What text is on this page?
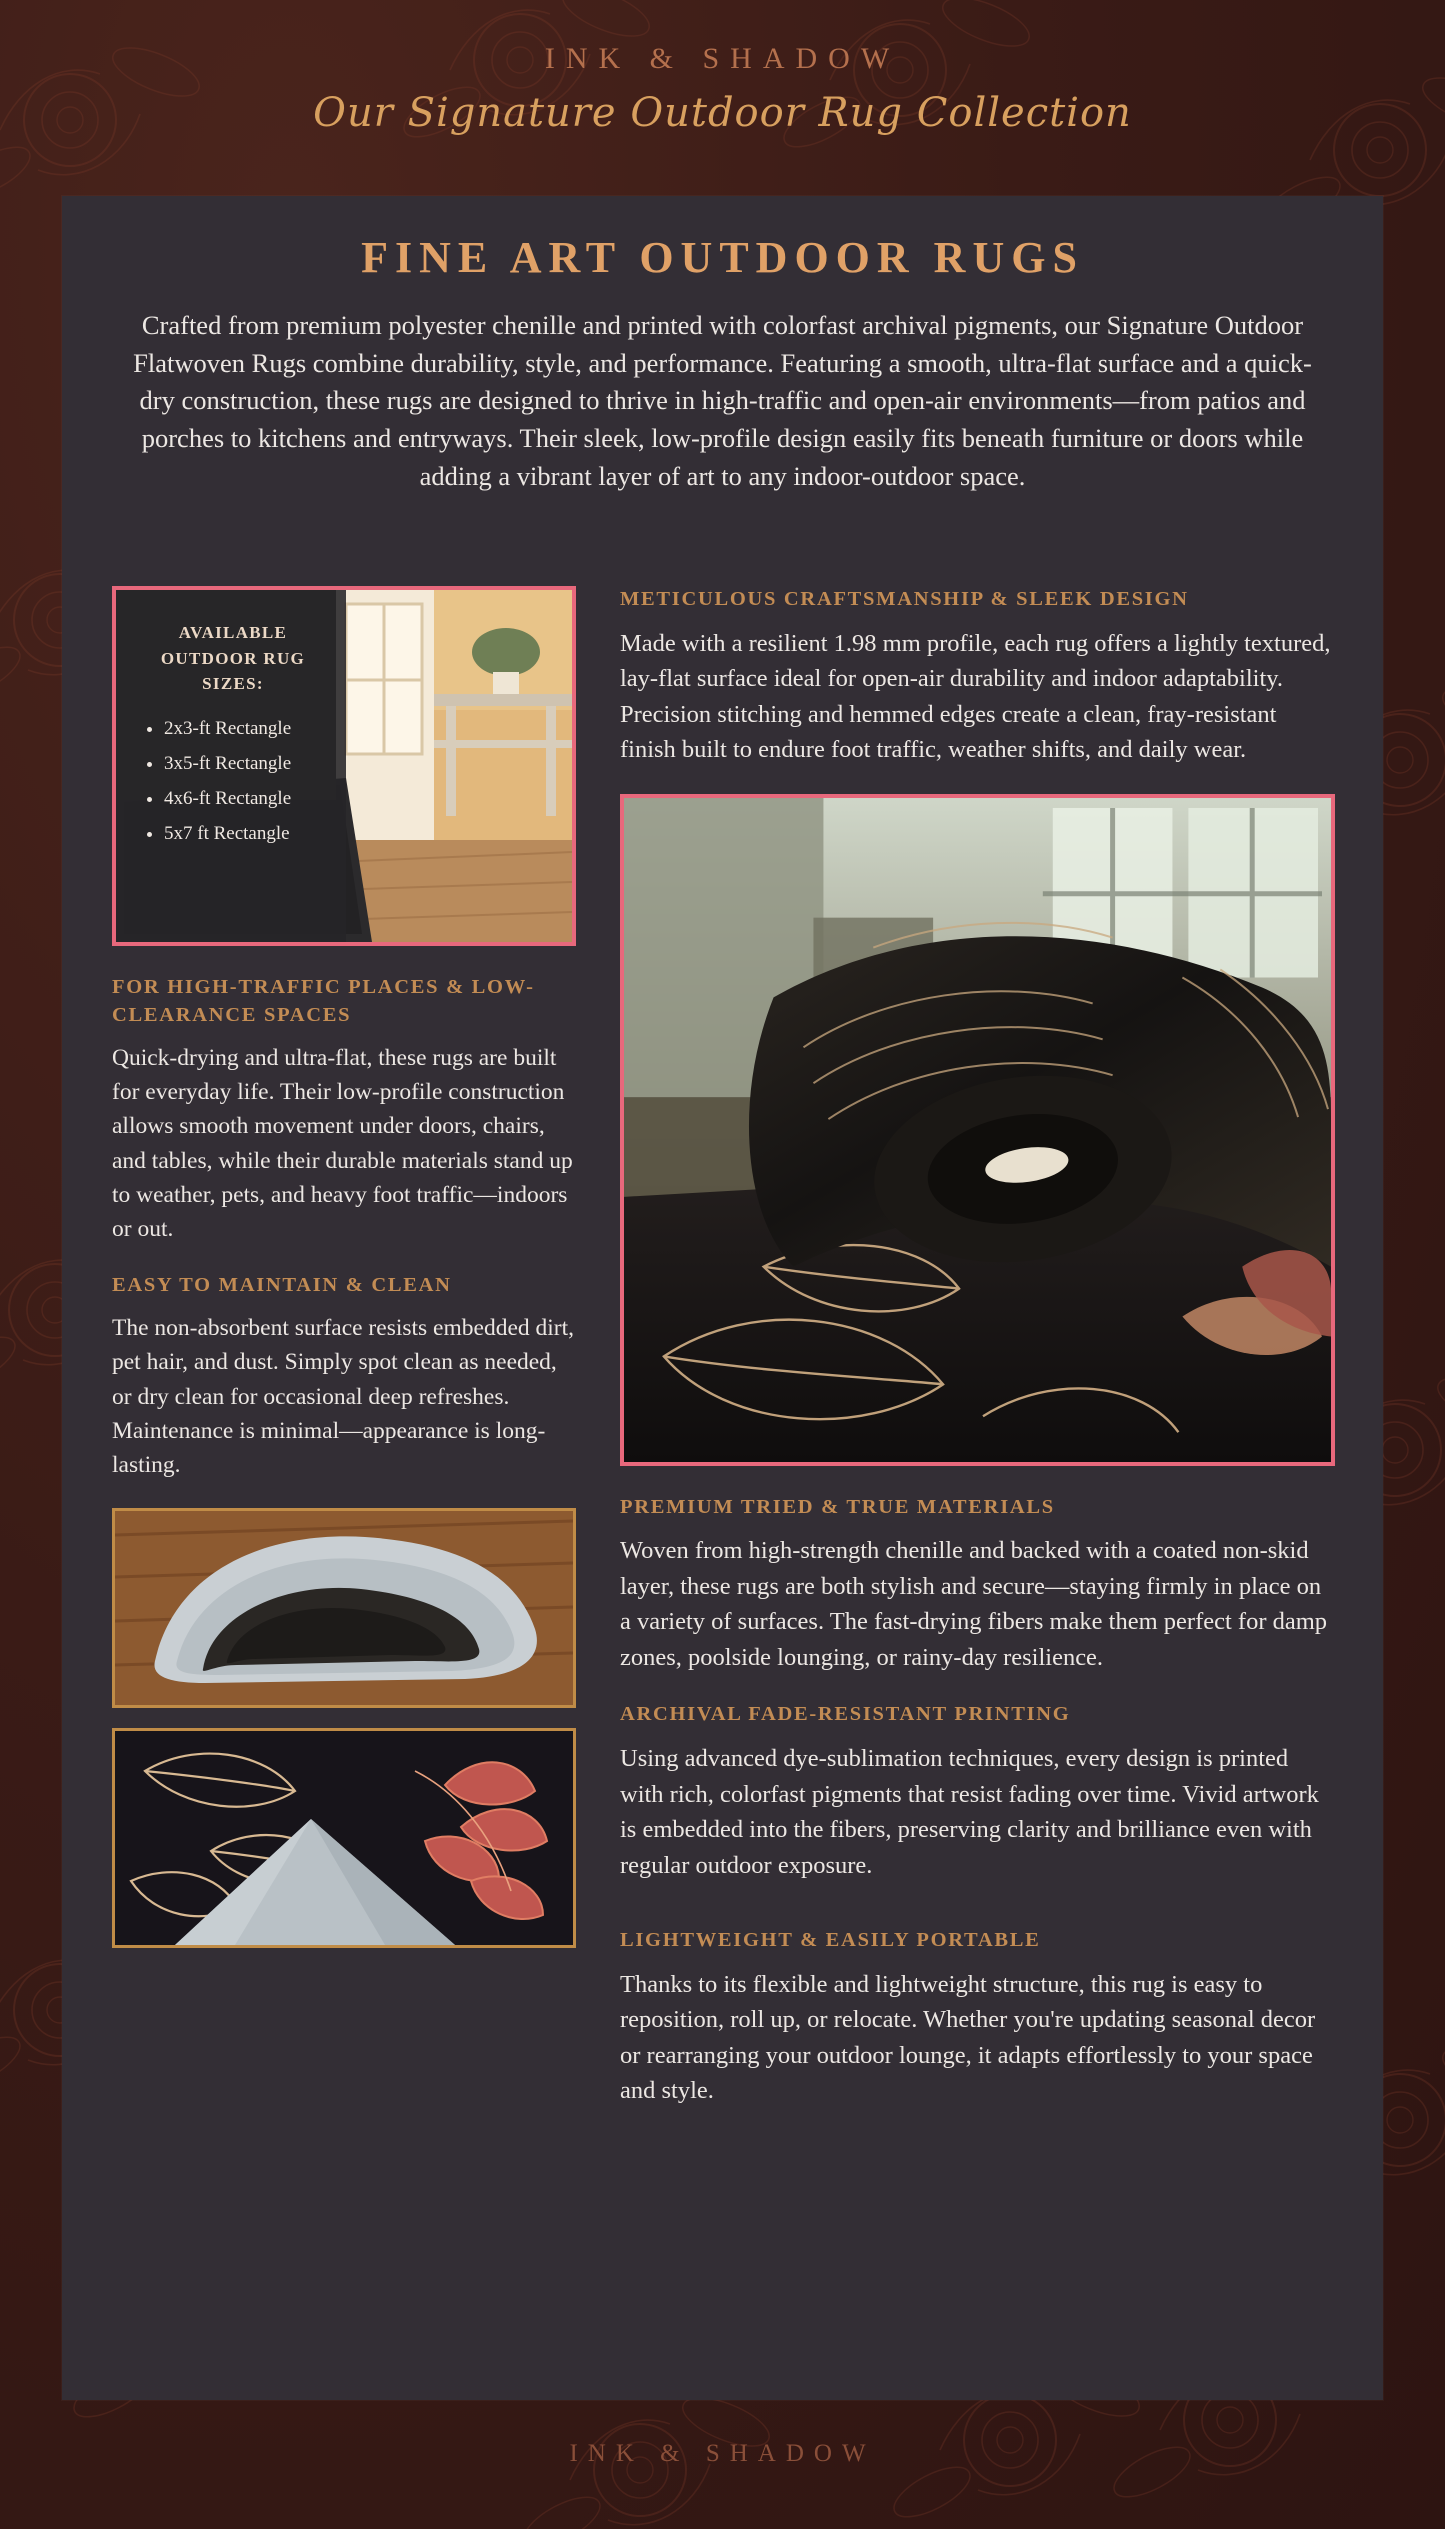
INK & SHADOW
Our Signature Outdoor Rug Collection
FINE ART OUTDOOR RUGS

Crafted from premium polyester chenille and printed with colorfast archival pigments, our Signature Outdoor Flatwoven Rugs combine durability, style, and performance. Featuring a smooth, ultra-flat surface and a quick-dry construction, these rugs are designed to thrive in high-traffic and open-air environments—from patios and porches to kitchens and entryways. Their sleek, low-profile design easily fits beneath furniture or doors while adding a vibrant layer of art to any indoor-outdoor space.

AVAILABLE OUTDOOR RUG SIZES:
• 2x3-ft Rectangle
• 3x5-ft Rectangle
• 4x6-ft Rectangle
• 5x7 ft Rectangle
FOR HIGH-TRAFFIC PLACES & LOW-CLEARANCE SPACES

Quick-drying and ultra-flat, these rugs are built for everyday life. Their low-profile construction allows smooth movement under doors, chairs, and tables, while their durable materials stand up to weather, pets, and heavy foot traffic—indoors or out.

EASY TO MAINTAIN & CLEAN

The non-absorbent surface resists embedded dirt, pet hair, and dust. Simply spot clean as needed, or dry clean for occasional deep refreshes. Maintenance is minimal—appearance is long-lasting.

METICULOUS CRAFTSMANSHIP & SLEEK DESIGN

Made with a resilient 1.98 mm profile, each rug offers a lightly textured, lay-flat surface ideal for open-air durability and indoor adaptability. Precision stitching and hemmed edges create a clean, fray-resistant finish built to endure foot traffic, weather shifts, and daily wear.

PREMIUM TRIED & TRUE MATERIALS

Woven from high-strength chenille and backed with a coated non-skid layer, these rugs are both stylish and secure—staying firmly in place on a variety of surfaces. The fast-drying fibers make them perfect for damp zones, poolside lounging, or rainy-day resilience.

ARCHIVAL FADE-RESISTANT PRINTING

Using advanced dye-sublimation techniques, every design is printed with rich, colorfast pigments that resist fading over time. Vivid artwork is embedded into the fibers, preserving clarity and brilliance even with regular outdoor exposure.

LIGHTWEIGHT & EASILY PORTABLE

Thanks to its flexible and lightweight structure, this rug is easy to reposition, roll up, or relocate. Whether you're updating seasonal decor or rearranging your outdoor lounge, it adapts effortlessly to your space and style.

INK & SHADOW
